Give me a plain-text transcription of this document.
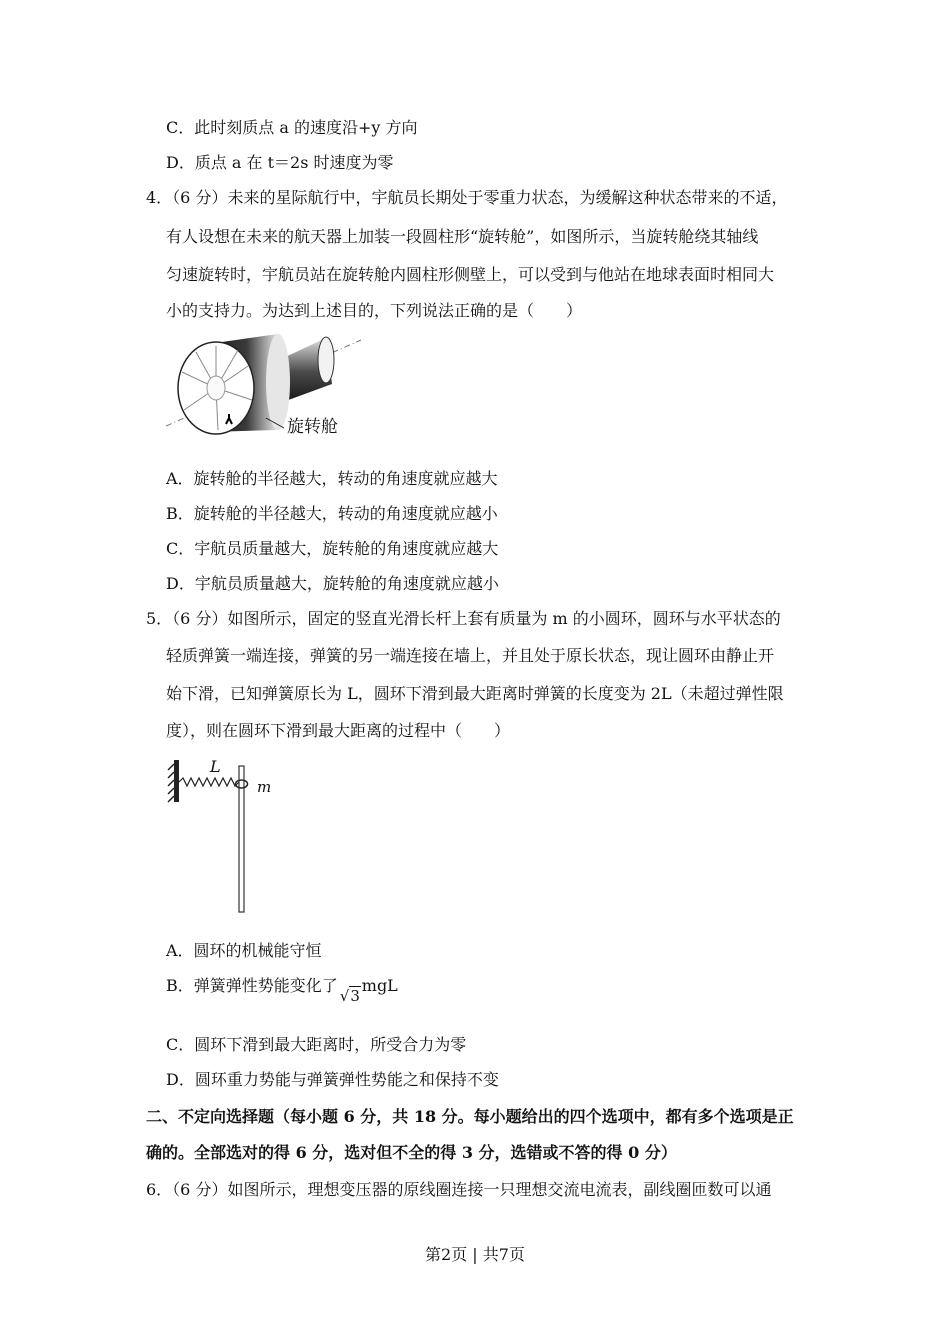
C．此时刻质点 a 的速度沿+y 方向
D．质点 a 在 t＝2s 时速度为零
4．（6 分）未来的星际航行中，宇航员长期处于零重力状态，为缓解这种状态带来的不适，
有人设想在未来的航天器上加装一段圆柱形“旋转舱”，如图所示，当旋转舱绕其轴线
匀速旋转时，宇航员站在旋转舱内圆柱形侧壁上，可以受到与他站在地球表面时相同大
小的支持力。为达到上述目的，下列说法正确的是（　　）
旋转舱
A．旋转舱的半径越大，转动的角速度就应越大
B．旋转舱的半径越大，转动的角速度就应越小
C．宇航员质量越大，旋转舱的角速度就应越大
D．宇航员质量越大，旋转舱的角速度就应越小
5．（6 分）如图所示，固定的竖直光滑长杆上套有质量为 m 的小圆环，圆环与水平状态的
轻质弹簧一端连接，弹簧的另一端连接在墙上，并且处于原长状态，现让圆环由静止开
始下滑，已知弹簧原长为 L，圆环下滑到最大距离时弹簧的长度变为 2L（未超过弹性限
度），则在圆环下滑到最大距离的过程中（　　）
L
m
A．圆环的机械能守恒
B．弹簧弹性势能变化了
√3
mgL
C．圆环下滑到最大距离时，所受合力为零
D．圆环重力势能与弹簧弹性势能之和保持不变
二、不定向选择题（每小题 6 分，共 18 分。每小题给出的四个选项中，都有多个选项是正
确的。全部选对的得 6 分，选对但不全的得 3 分，选错或不答的得 0 分）
6．（6 分）如图所示，理想变压器的原线圈连接一只理想交流电流表，副线圈匝数可以通
第2页 | 共7页
